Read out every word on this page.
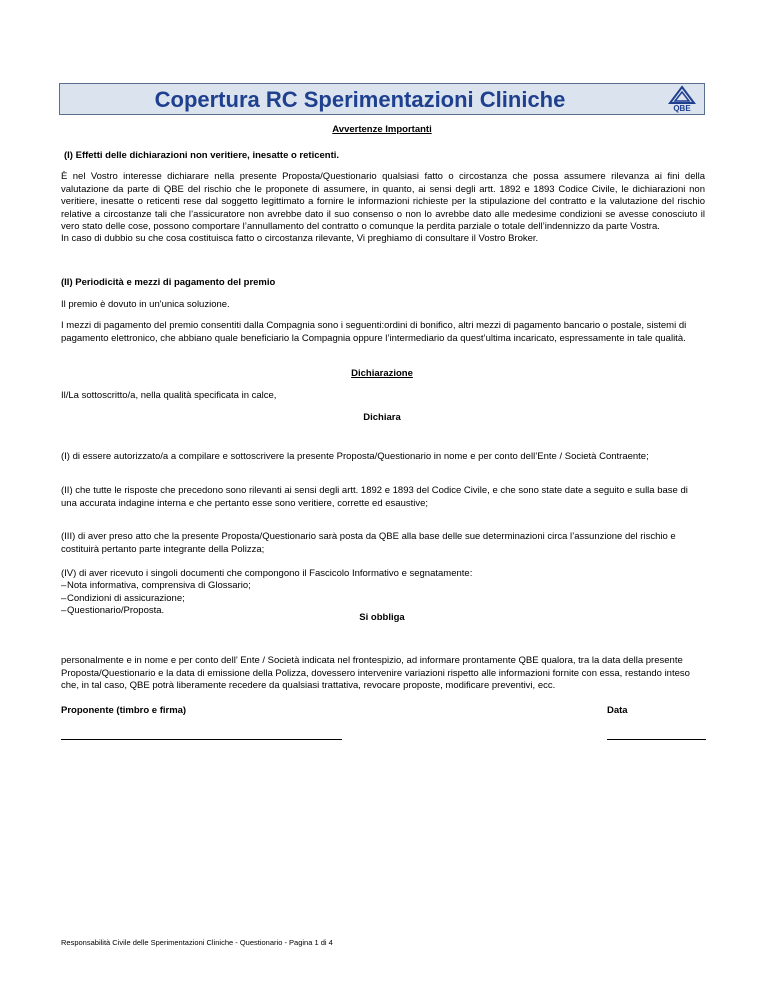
Copertura RC Sperimentazioni Cliniche	QBE
Avvertenze Importanti
(I) Effetti delle dichiarazioni non veritiere, inesatte o reticenti.
È nel Vostro interesse dichiarare nella presente Proposta/Questionario qualsiasi fatto o circostanza che possa assumere rilevanza ai fini della valutazione da parte di QBE del rischio che le proponete di assumere, in quanto, ai sensi degli artt. 1892 e 1893 Codice Civile, le dichiarazioni non veritiere, inesatte o reticenti rese dal soggetto legittimato a fornire le informazioni richieste per la stipulazione del contratto e la valutazione del rischio relative a circostanze tali che l’assicuratore non avrebbe dato il suo consenso o non lo avrebbe dato alle medesime condizioni se avesse conosciuto il vero stato delle cose, possono comportare l’annullamento del contratto o comunque la perdita parziale o totale dell’indennizzo da parte Vostra.
In caso di dubbio su che cosa costituisca fatto o circostanza rilevante, Vi preghiamo di consultare il Vostro Broker.
(II) Periodicità e mezzi di pagamento del premio
Il premio è dovuto in un'unica soluzione.
I mezzi di pagamento del premio consentiti dalla Compagnia sono i seguenti:ordini di bonifico, altri mezzi di pagamento bancario o postale, sistemi di pagamento elettronico, che abbiano quale beneficiario la Compagnia oppure l’intermediario da quest’ultima incaricato, espressamente in tale qualità.
Dichiarazione
Il/La sottoscritto/a, nella qualità specificata in calce,
Dichiara
(I) di essere autorizzato/a a compilare e sottoscrivere la presente Proposta/Questionario in nome e per conto dell’Ente / Società Contraente;
(II) che tutte le risposte che precedono sono rilevanti ai sensi degli artt. 1892 e 1893 del Codice Civile, e che sono state date a seguito e sulla base di una accurata indagine interna e che pertanto esse sono veritiere, corrette ed esaustive;
(III) di aver preso atto che la presente Proposta/Questionario sarà posta da QBE alla base delle sue determinazioni circa l’assunzione del rischio e costituirà pertanto parte integrante della Polizza;
(IV) di aver ricevuto i singoli documenti che compongono il Fascicolo Informativo e segnatamente:
–Nota informativa, comprensiva di Glossario;
–Condizioni di assicurazione;
–Questionario/Proposta.
Si obbliga
personalmente e in nome e per conto dell’ Ente / Società indicata nel frontespizio, ad informare prontamente QBE qualora, tra la data della presente Proposta/Questionario e la data di emissione della Polizza, dovessero intervenire variazioni rispetto alle informazioni fornite con essa, restando inteso che, in tal caso, QBE potrà liberamente recedere da qualsiasi trattativa, revocare proposte, modificare preventivi, ecc.
Proponente (timbro e firma)	Data
Responsabilità Civile delle Sperimentazioni Cliniche - Questionario - Pagina 1 di 4
